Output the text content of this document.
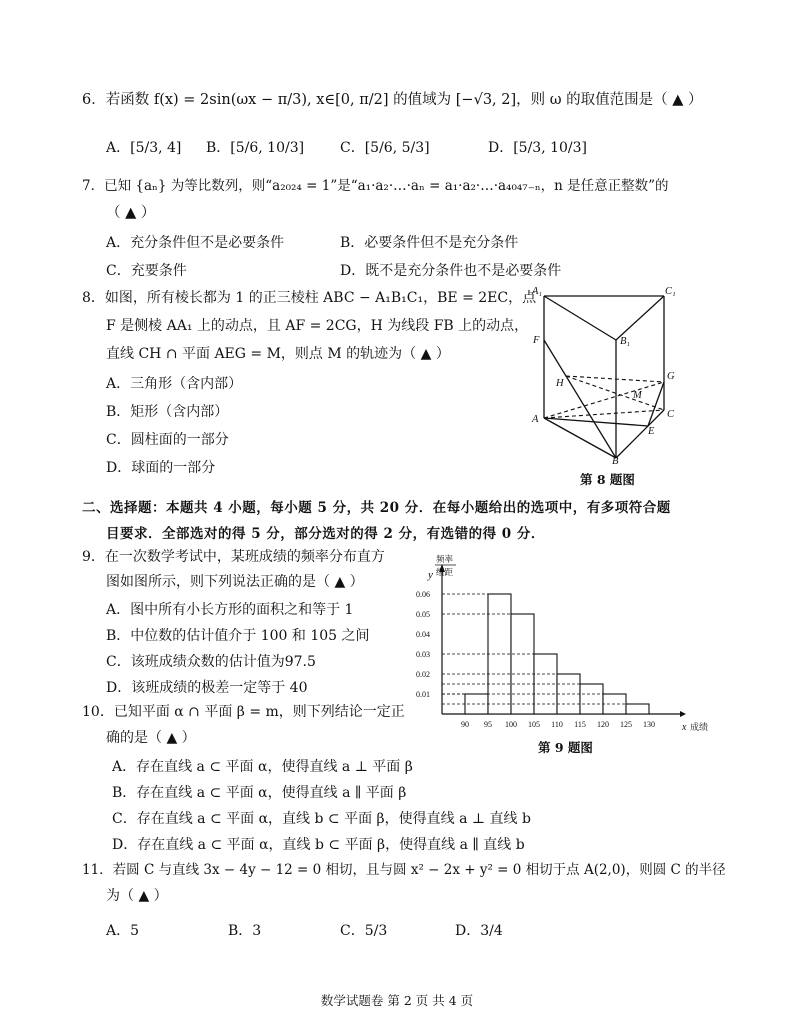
6．若函数 f(x) = 2sin(ωx − π/3), x∈[0, π/2] 的值域为 [−√3, 2]，则 ω 的取值范围是（ ▲ ）
A．[5/3, 4] B．[5/6, 10/3]	C．[5/6, 5/3]	D．[5/3, 10/3]
7．已知 {aₙ} 为等比数列，则“a₂₀₂₄ = 1”是“a₁·a₂·…·aₙ = a₁·a₂·…·a₄₀₄₇₋ₙ，n 是任意正整数”的
（ ▲ ）
A．充分条件但不是必要条件	B．必要条件但不是充分条件
C．充要条件	D．既不是充分条件也不是必要条件
8．如图，所有棱长都为 1 的正三棱柱 ABC − A₁B₁C₁，BE = 2EC，点
F 是侧棱 AA₁ 上的动点，且 AF = 2CG，H 为线段 FB 上的动点，
直线 CH ∩ 平面 AEG = M，则点 M 的轨迹为（ ▲ ）
A．三角形（含内部）
B．矩形（含内部）
C．圆柱面的一部分
D．球面的一部分
A₁	C₁
B₁
F
H
G
M
A	C
E
B
第 8 题图
二、选择题：本题共 4 小题，每小题 5 分，共 20 分．在每小题给出的选项中，有多项符合题
目要求．全部选对的得 5 分，部分选对的得 2 分，有选错的得 0 分．
9．在一次数学考试中，某班成绩的频率分布直方
图如图所示，则下列说法正确的是（ ▲ ）
A．图中所有小长方形的面积之和等于 1
B．中位数的估计值介于 100 和 105 之间
C．该班成绩众数的估计值为97.5
D．该班成绩的极差一定等于 40
y
x
频率
组距
成绩
0.01
0.02
0.03
0.04
0.05
0.06
90 95 100 105 110 115 120 125 130
第 9 题图
10．已知平面 α ∩ 平面 β = m，则下列结论一定正
确的是（ ▲ ）
A．存在直线 a ⊂ 平面 α，使得直线 a ⊥ 平面 β
B．存在直线 a ⊂ 平面 α，使得直线 a ∥ 平面 β
C．存在直线 a ⊂ 平面 α，直线 b ⊂ 平面 β，使得直线 a ⊥ 直线 b
D．存在直线 a ⊂ 平面 α，直线 b ⊂ 平面 β，使得直线 a ∥ 直线 b
11．若圆 C 与直线 3x − 4y − 12 = 0 相切，且与圆 x² − 2x + y² = 0 相切于点 A(2,0)，则圆 C 的半径
为（ ▲ ）
A．5	B．3	C．5/3	D．3/4
数学试题卷 第 2 页 共 4 页
